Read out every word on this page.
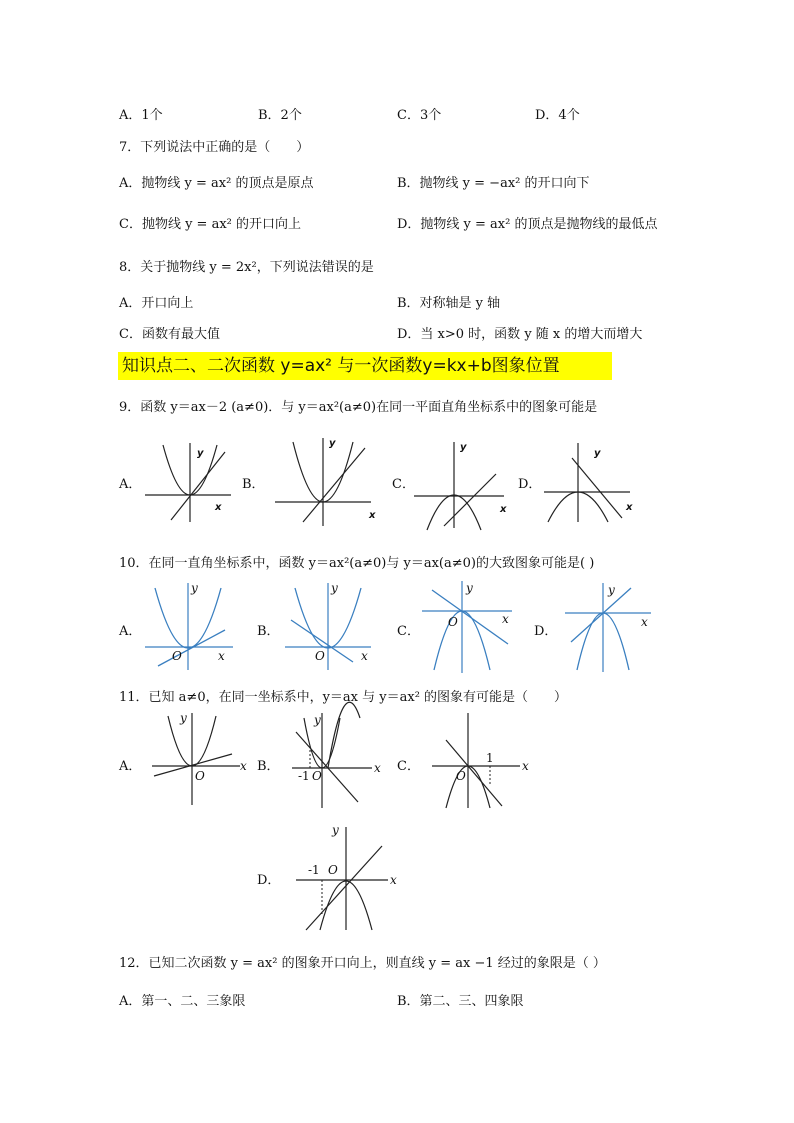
A．1个	B．2个	C．3个	D．4个
7．下列说法中正确的是（　　）
A．抛物线 y = ax² 的顶点是原点	B．抛物线 y = −ax² 的开口向下
C．抛物线 y = ax² 的开口向上	D．抛物线 y = ax² 的顶点是抛物线的最低点
8．关于抛物线 y = 2x²，下列说法错误的是
A．开口向上	B．对称轴是 y 轴
C．函数有最大值	D．当 x>0 时，函数 y 随 x 的增大而增大
知识点二、二次函数 y=ax² 与一次函数y=kx+b图象位置
9．函数 y＝ax－2 (a≠0)．与 y＝ax²(a≠0)在同一平面直角坐标系中的图象可能是
A．	B．	C．	D．
x
y
x
y
x
y
x
y
10．在同一直角坐标系中，函数 y＝ax²(a≠0)与 y＝ax(a≠0)的大致图象可能是( )
A．	B．	C．	D．
y
x
O
y
x
O
y
x
O
y
x
11．已知 a≠0，在同一坐标系中，y＝ax 与 y＝ax² 的图象有可能是（　　）
A．	B．	C．
D．
y
x
O
y
x
O
-1
x
O
1
y
x
O
-1
12．已知二次函数 y = ax² 的图象开口向上，则直线 y = ax −1 经过的象限是（ ）
A．第一、二、三象限	B．第二、三、四象限
